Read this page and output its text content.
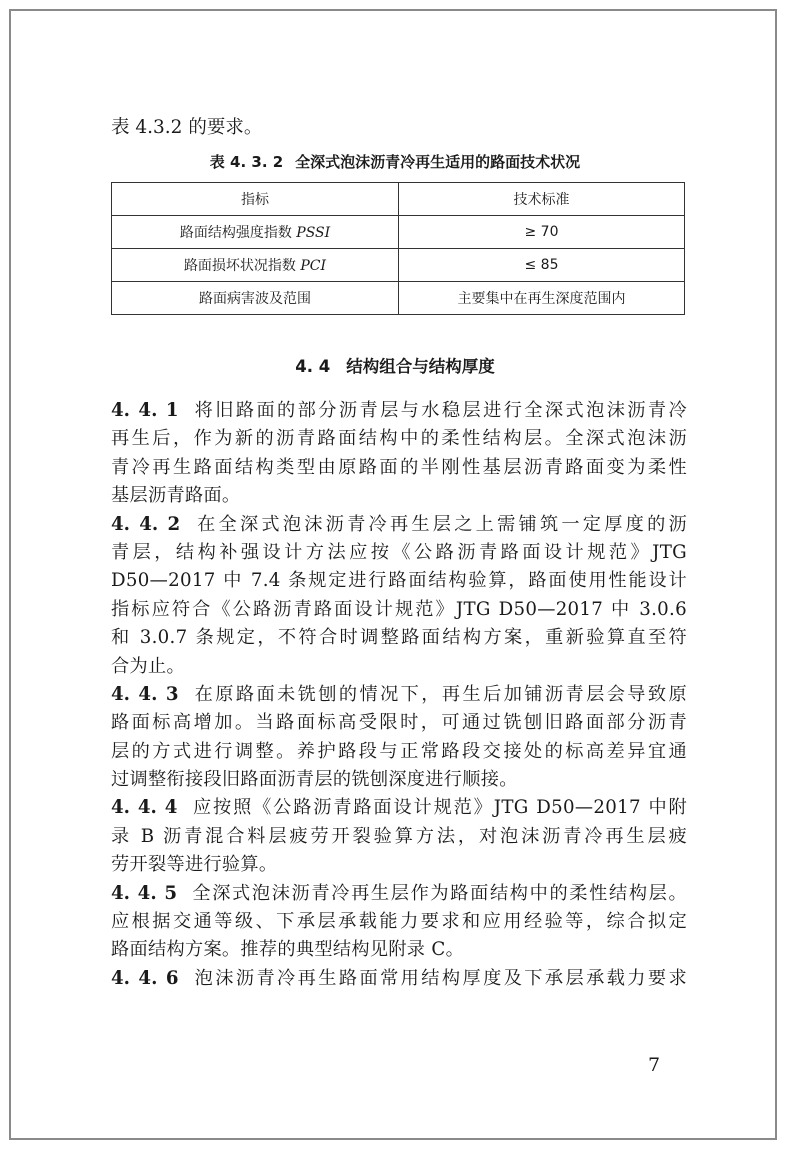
表 4.3.2 的要求。
表 4. 3. 2 全深式泡沫沥青冷再生适用的路面技术状况
指标	技术标准
路面结构强度指数 PSSI	≥ 70
路面损坏状况指数 PCI	≤ 85
路面病害波及范围	主要集中在再生深度范围内
4. 4 结构组合与结构厚度
4. 4. 1 将旧路面的部分沥青层与水稳层进行全深式泡沫沥青冷
再生后，作为新的沥青路面结构中的柔性结构层。全深式泡沫沥
青冷再生路面结构类型由原路面的半刚性基层沥青路面变为柔性
基层沥青路面。
4. 4. 2 在全深式泡沫沥青冷再生层之上需铺筑一定厚度的沥
青层，结构补强设计方法应按《公路沥青路面设计规范》JTG
D50—2017 中 7.4 条规定进行路面结构验算，路面使用性能设计
指标应符合《公路沥青路面设计规范》JTG D50—2017 中 3.0.6
和 3.0.7 条规定，不符合时调整路面结构方案，重新验算直至符
合为止。
4. 4. 3 在原路面未铣刨的情况下，再生后加铺沥青层会导致原
路面标高增加。当路面标高受限时，可通过铣刨旧路面部分沥青
层的方式进行调整。养护路段与正常路段交接处的标高差异宜通
过调整衔接段旧路面沥青层的铣刨深度进行顺接。
4. 4. 4 应按照《公路沥青路面设计规范》JTG D50—2017 中附
录 B 沥青混合料层疲劳开裂验算方法，对泡沫沥青冷再生层疲
劳开裂等进行验算。
4. 4. 5 全深式泡沫沥青冷再生层作为路面结构中的柔性结构层。
应根据交通等级、下承层承载能力要求和应用经验等，综合拟定
路面结构方案。推荐的典型结构见附录 C。
4. 4. 6 泡沫沥青冷再生路面常用结构厚度及下承层承载力要求
7
